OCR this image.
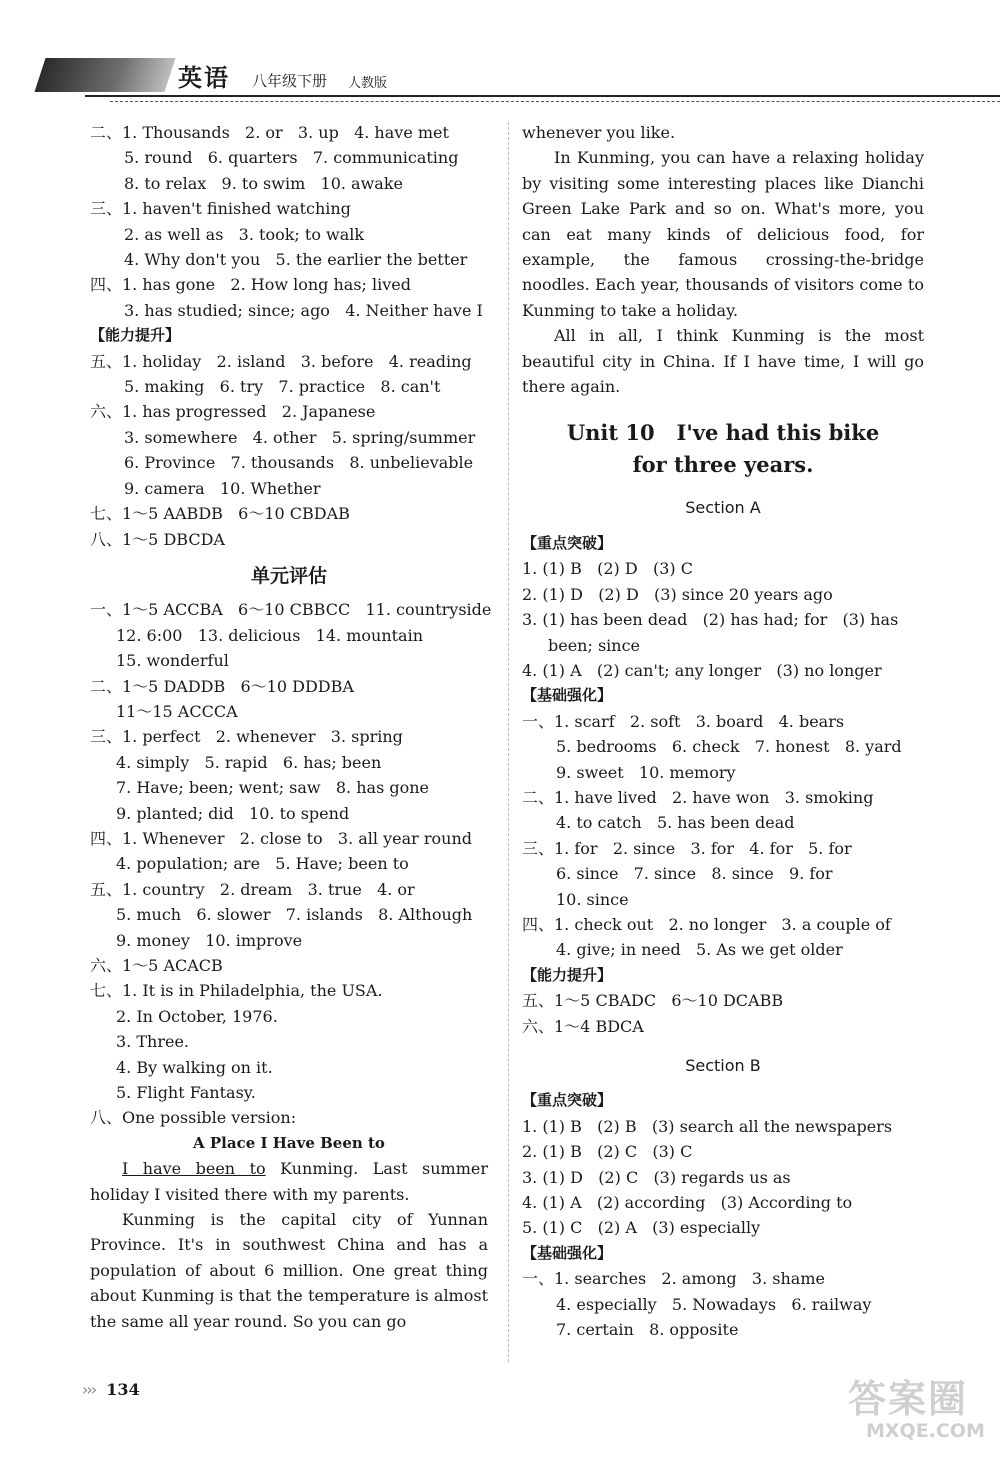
英语 八年级下册 人教版
二、1. Thousands   2. or   3. up   4. have met
5. round   6. quarters   7. communicating
8. to relax   9. to swim   10. awake
三、1. haven't finished watching
2. as well as   3. took; to walk
4. Why don't you   5. the earlier the better
四、1. has gone   2. How long has; lived
3. has studied; since; ago   4. Neither have I
【能力提升】
五、1. holiday   2. island   3. before   4. reading
5. making   6. try   7. practice   8. can't
六、1. has progressed   2. Japanese
3. somewhere   4. other   5. spring/summer
6. Province   7. thousands   8. unbelievable
9. camera   10. Whether
七、1～5 AABDB   6～10 CBDAB
八、1～5 DBCDA
单元评估
一、1～5 ACCBA   6～10 CBBCC   11. countryside
12. 6:00   13. delicious   14. mountain
15. wonderful
二、1～5 DADDB   6～10 DDDBA
11～15 ACCCA
三、1. perfect   2. whenever   3. spring
4. simply   5. rapid   6. has; been
7. Have; been; went; saw   8. has gone
9. planted; did   10. to spend
四、1. Whenever   2. close to   3. all year round
4. population; are   5. Have; been to
五、1. country   2. dream   3. true   4. or
5. much   6. slower   7. islands   8. Although
9. money   10. improve
六、1～5 ACACB
七、1. It is in Philadelphia, the USA.
2. In October, 1976.
3. Three.
4. By walking on it.
5. Flight Fantasy.
八、One possible version:
A Place I Have Been to
I have been to Kunming. Last summer holiday I visited there with my parents.
Kunming is the capital city of Yunnan Province. It's in southwest China and has a population of about 6 million. One great thing about Kunming is that the temperature is almost the same all year round. So you can go
whenever you like.
In Kunming, you can have a relaxing holiday by visiting some interesting places like Dianchi Green Lake Park and so on. What's more, you can eat many kinds of delicious food, for example, the famous crossing-the-bridge noodles. Each year, thousands of visitors come to Kunming to take a holiday.
All in all, I think Kunming is the most beautiful city in China. If I have time, I will go there again.
Unit 10   I've had this bike
for three years.
Section A
【重点突破】
1. (1) B   (2) D   (3) C
2. (1) D   (2) D   (3) since 20 years ago
3. (1) has been dead   (2) has had; for   (3) has
been; since
4. (1) A   (2) can't; any longer   (3) no longer
【基础强化】
一、1. scarf   2. soft   3. board   4. bears
5. bedrooms   6. check   7. honest   8. yard
9. sweet   10. memory
二、1. have lived   2. have won   3. smoking
4. to catch   5. has been dead
三、1. for   2. since   3. for   4. for   5. for
6. since   7. since   8. since   9. for
10. since
四、1. check out   2. no longer   3. a couple of
4. give; in need   5. As we get older
【能力提升】
五、1～5 CBADC   6～10 DCABB
六、1～4 BDCA
Section B
【重点突破】
1. (1) B   (2) B   (3) search all the newspapers
2. (1) B   (2) C   (3) C
3. (1) D   (2) C   (3) regards us as
4. (1) A   (2) according   (3) According to
5. (1) C   (2) A   (3) especially
【基础强化】
一、1. searches   2. among   3. shame
4. especially   5. Nowadays   6. railway
7. certain   8. opposite
››› 134	答案圈
MXQE.COM
